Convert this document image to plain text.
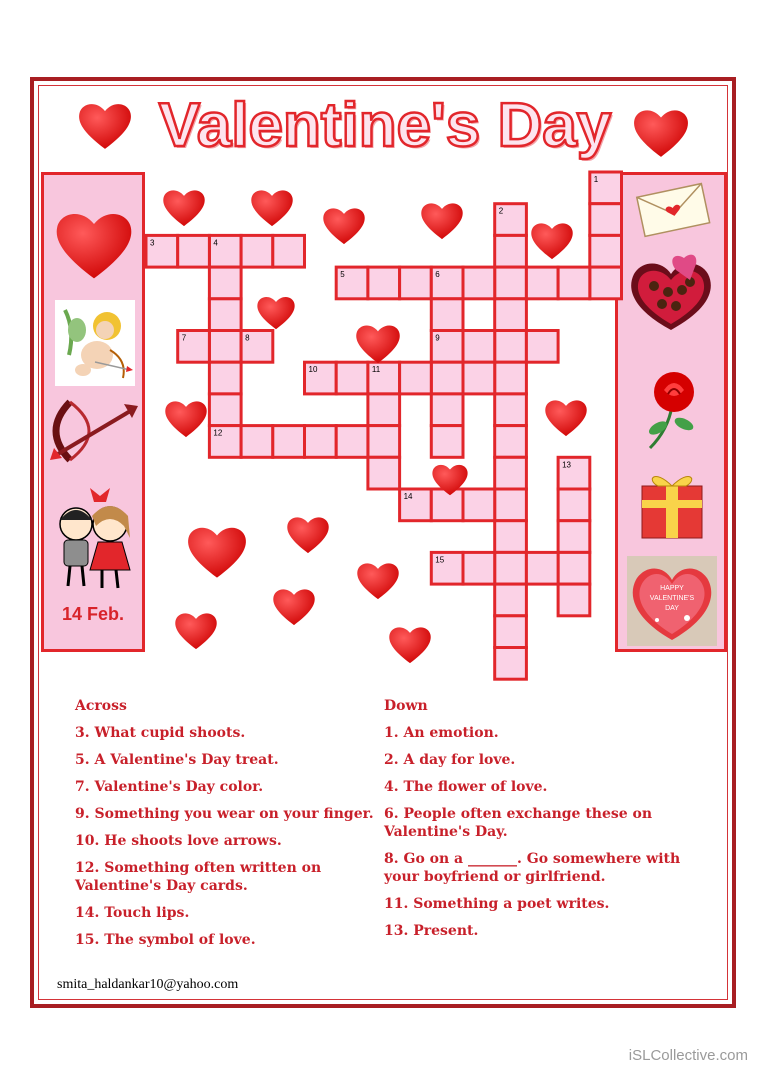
Valentine's Day
14 Feb.
1
2
3	4
5	6
7	8	9
10	11
12
13
14
15
HAPPY
VALENTINE'S
DAY
Across
3. What cupid shoots.
5. A Valentine's Day treat.
7. Valentine's Day color.
9. Something you wear on your finger.
10. He shoots love arrows.
12. Something often written on Valentine's Day cards.
14. Touch lips.
15. The symbol of love.
Down
1. An emotion.
2. A day for love.
4. The flower of love.
6. People often exchange these on Valentine's Day.
8. Go on a _______. Go somewhere with your boyfriend or girlfriend.
11. Something a poet writes.
13. Present.
smita_haldankar10@yahoo.com
iSLCollective.com
